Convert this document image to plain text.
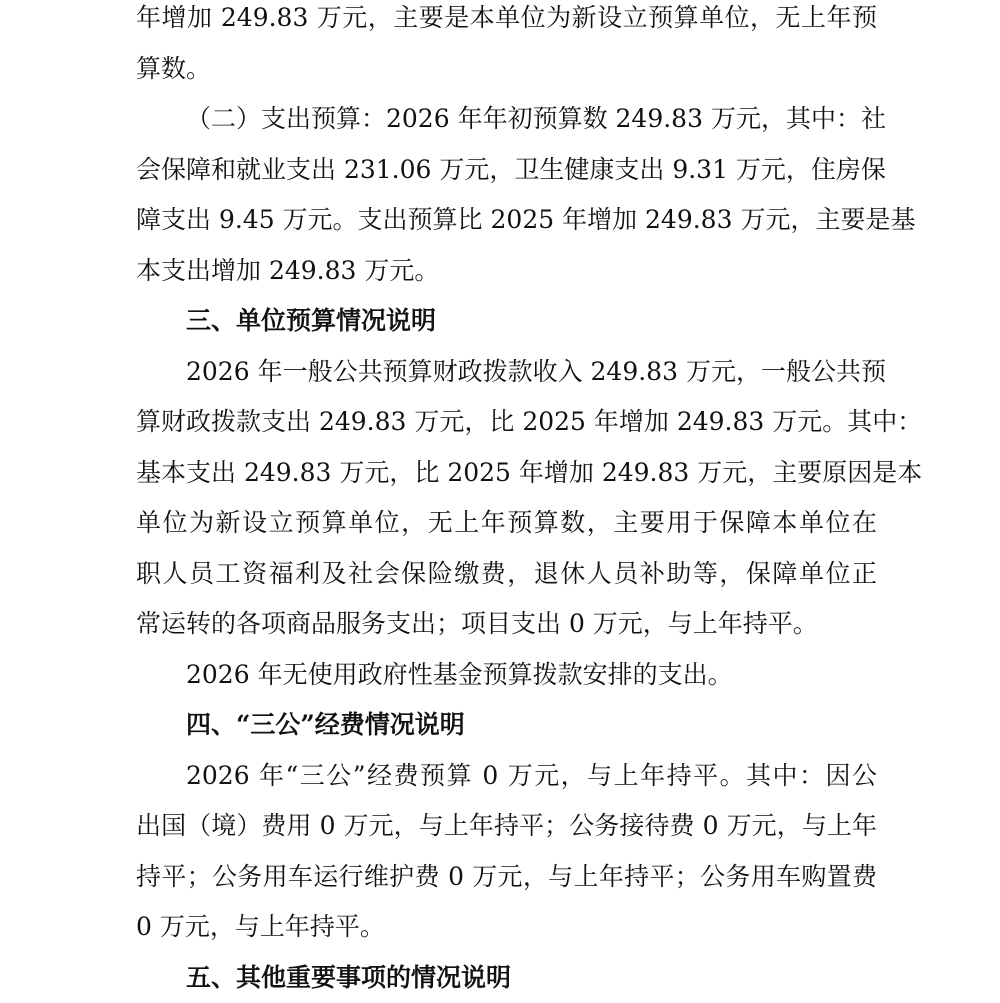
年增加 249.83 万元，主要是本单位为新设立预算单位，无上年预
算数。
（二）支出预算：2026 年年初预算数 249.83 万元，其中：社
会保障和就业支出 231.06 万元，卫生健康支出 9.31 万元，住房保
障支出 9.45 万元。支出预算比 2025 年增加 249.83 万元，主要是基
本支出增加 249.83 万元。
三、单位预算情况说明
2026 年一般公共预算财政拨款收入 249.83 万元，一般公共预
算财政拨款支出 249.83 万元，比 2025 年增加 249.83 万元。其中：
基本支出 249.83 万元，比 2025 年增加 249.83 万元，主要原因是本
单位为新设立预算单位，无上年预算数，主要用于保障本单位在
职人员工资福利及社会保险缴费，退休人员补助等，保障单位正
常运转的各项商品服务支出；项目支出 0 万元，与上年持平。
2026 年无使用政府性基金预算拨款安排的支出。
四、“三公”经费情况说明
2026 年“三公”经费预算 0 万元，与上年持平。其中：因公
出国（境）费用 0 万元，与上年持平；公务接待费 0 万元，与上年
持平；公务用车运行维护费 0 万元，与上年持平；公务用车购置费
0 万元，与上年持平。
五、其他重要事项的情况说明
